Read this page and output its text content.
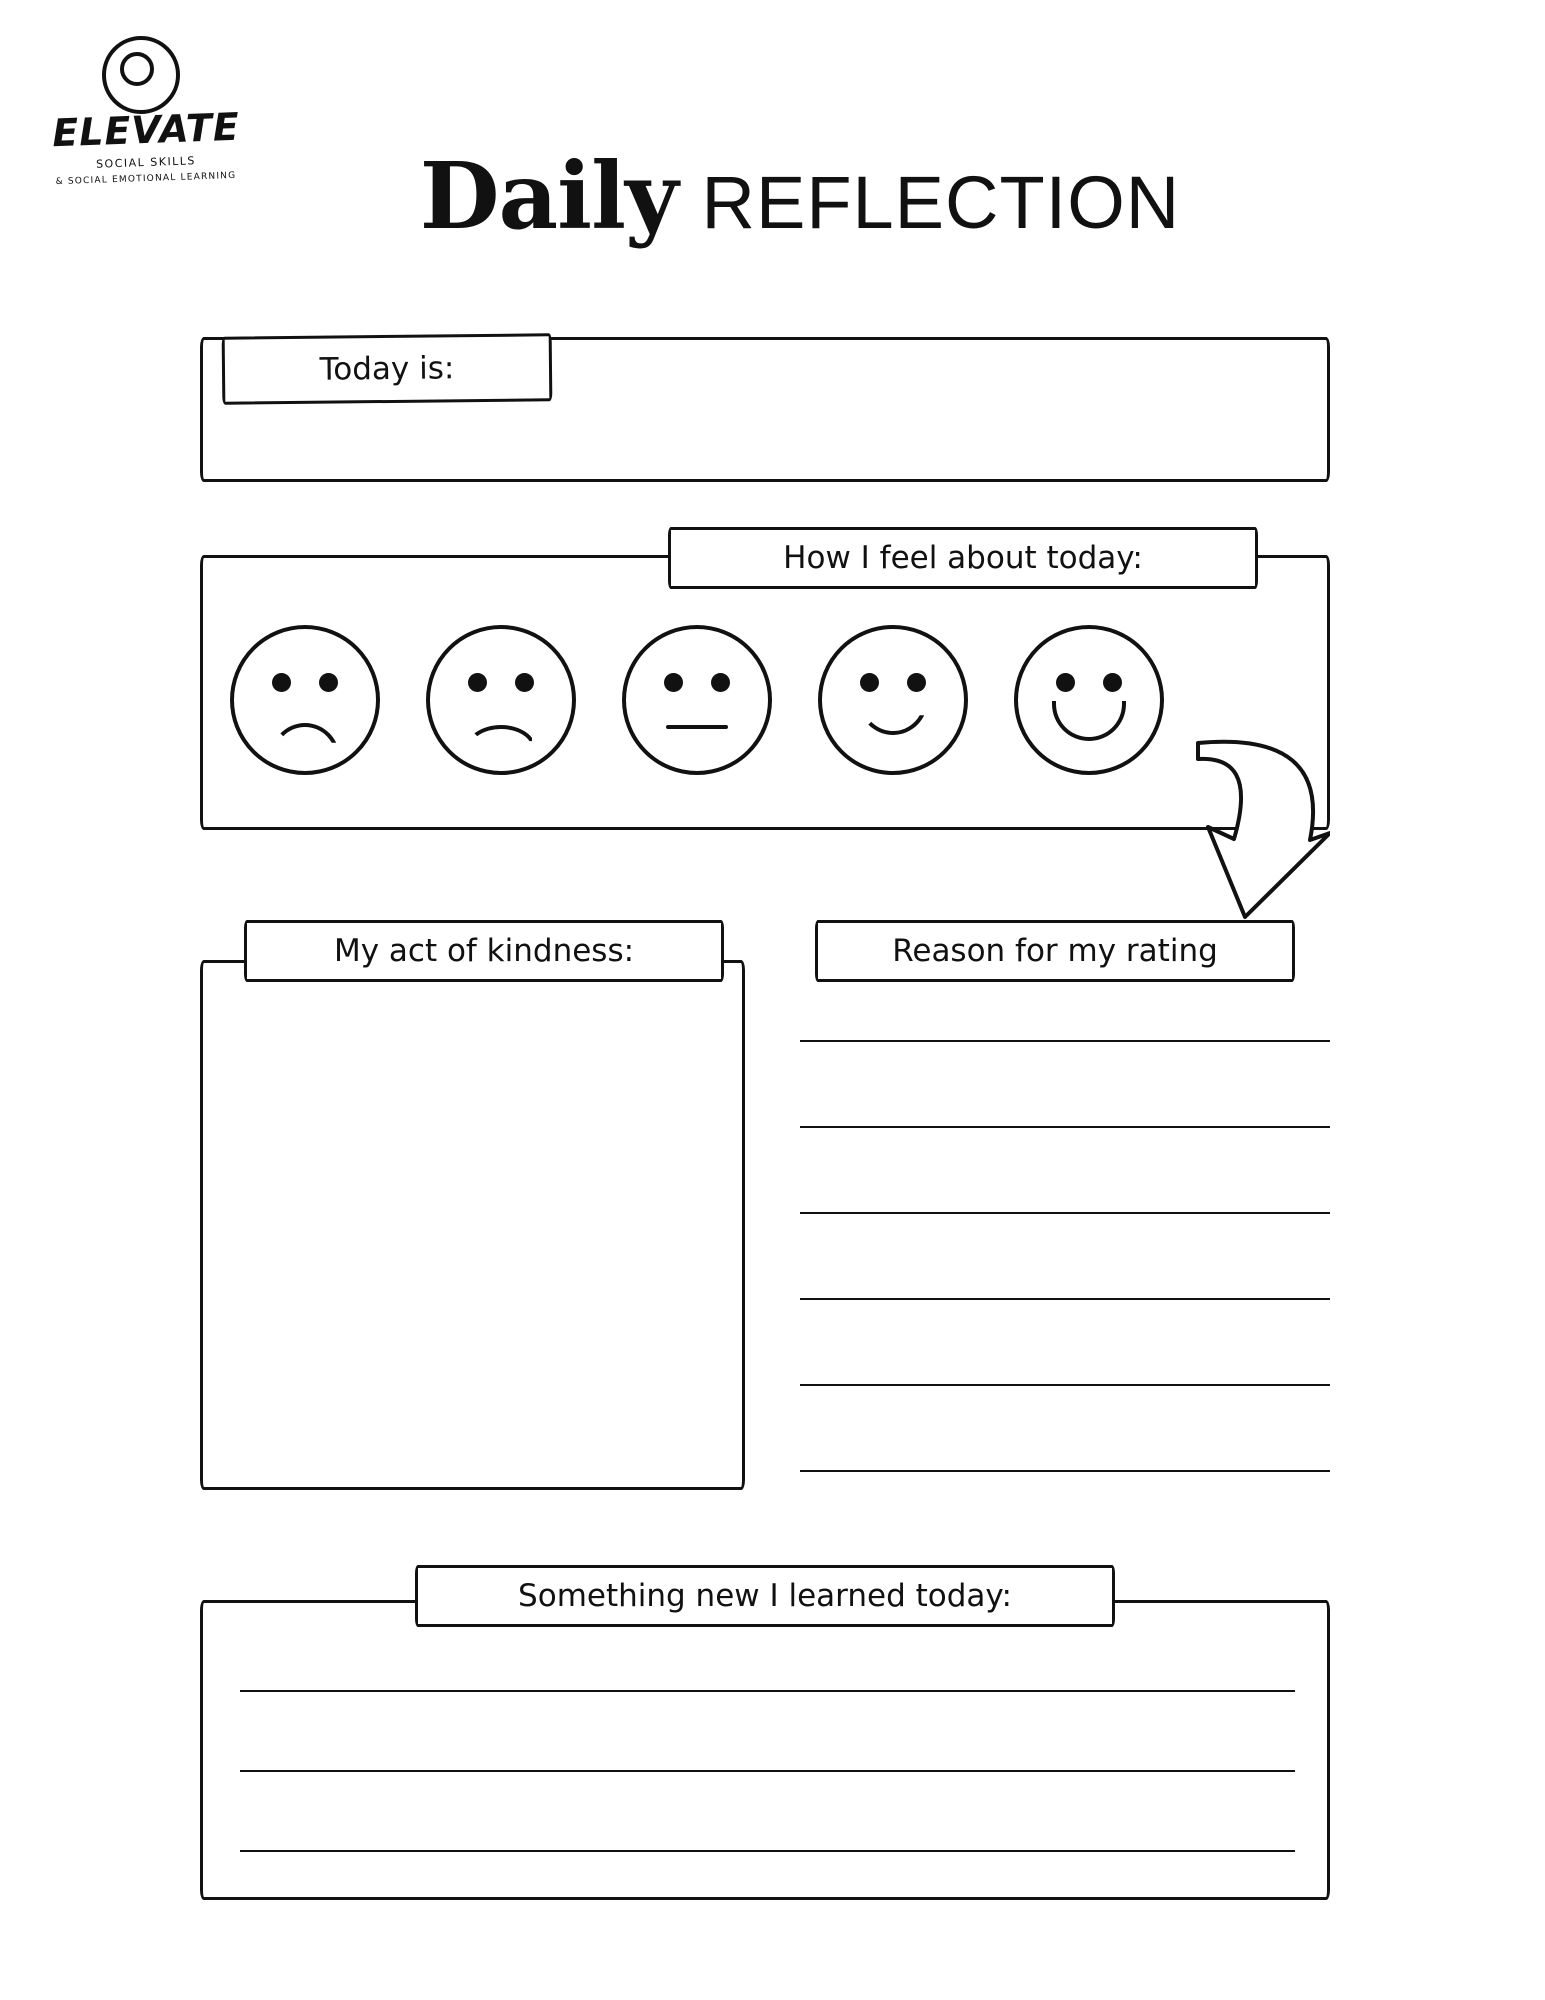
ELEVATE
SOCIAL SKILLS
& SOCIAL EMOTIONAL LEARNING Daily REFLECTION
Today is:
How I feel about today:
My act of kindness:	Reason for my rating
Something new I learned today:
